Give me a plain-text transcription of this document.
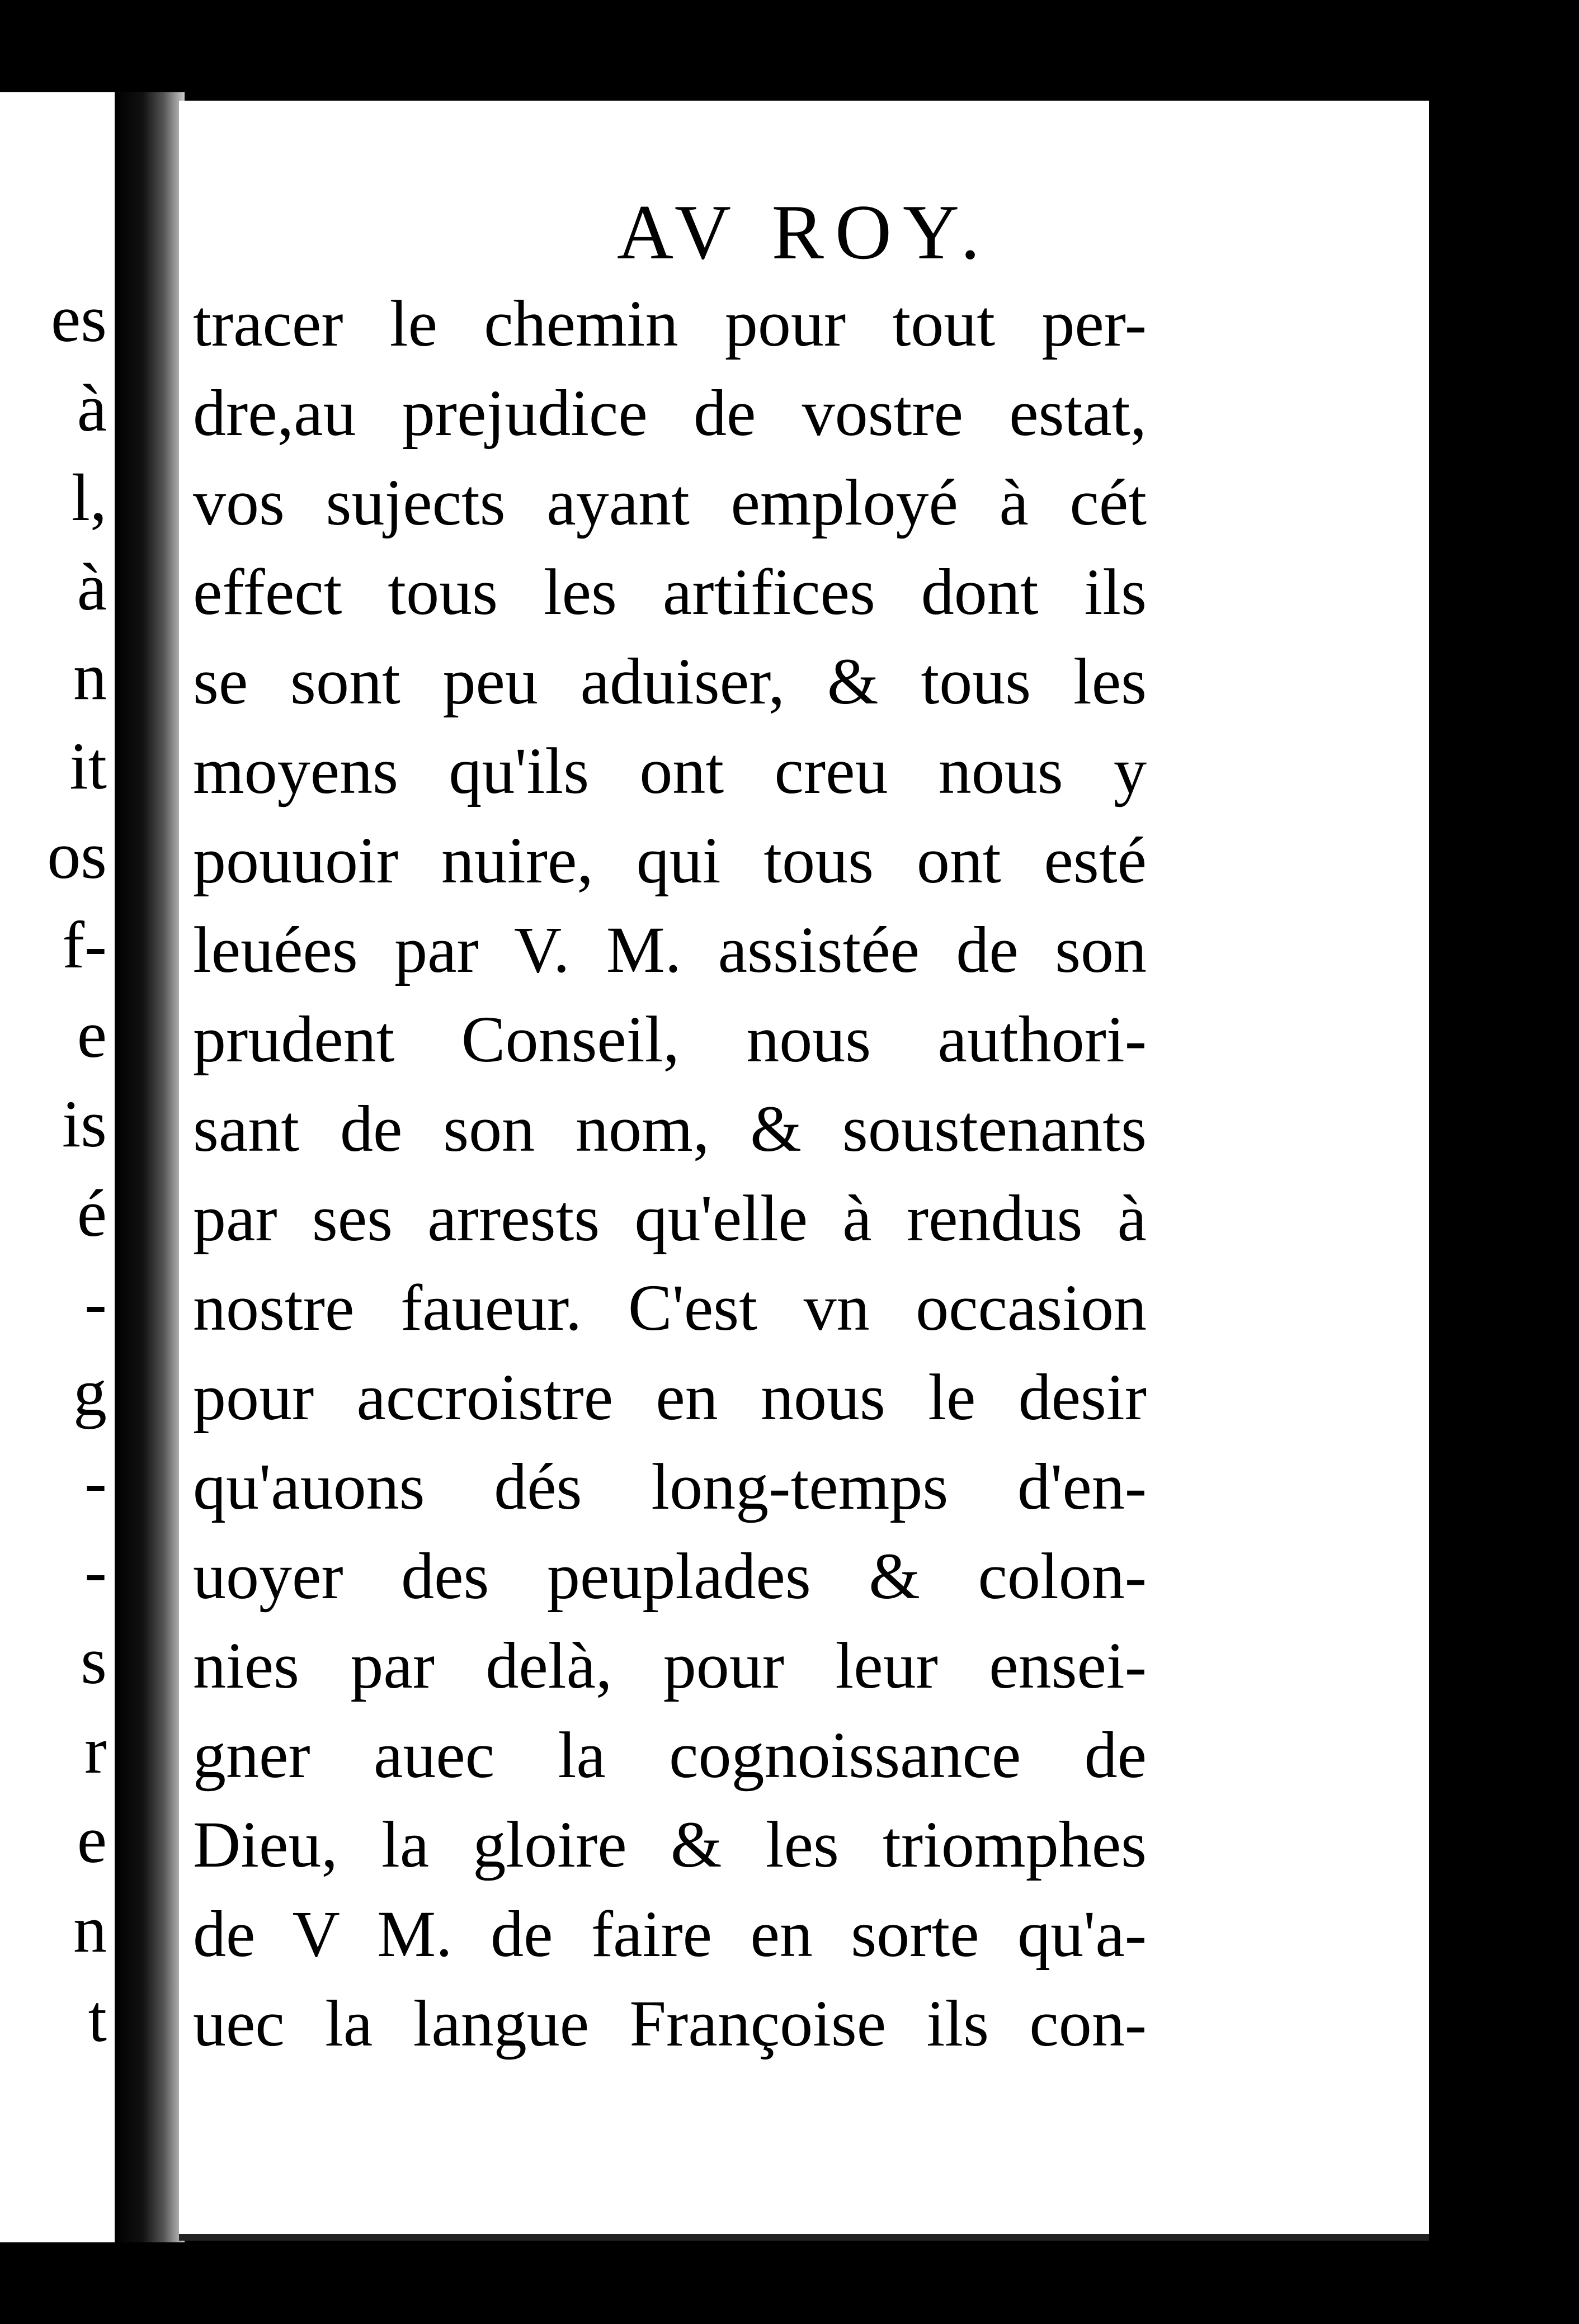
es
à
l,
à
n
it
os
f-
e
is
é
-
g
-
-
s
r
e
n
t
AV ROY.
tracer le chemin pour tout per-
dre,au prejudice de vostre estat,
vos sujects ayant employé à cét
effect tous les artifices dont ils
se sont peu aduiser, & tous les
moyens qu'ils ont creu nous y
pouuoir nuire, qui tous ont esté
leuées par V. M. assistée de son
prudent Conseil, nous authori-
sant de son nom, & soustenants
par ses arrests qu'elle à rendus à
nostre faueur. C'est vn occasion
pour accroistre en nous le desir
qu'auons dés long-temps d'en-
uoyer des peuplades & colon-
nies par delà, pour leur ensei-
gner auec la cognoissance de
Dieu, la gloire & les triomphes
de V M. de faire en sorte qu'a-
uec la langue Françoise ils con-
